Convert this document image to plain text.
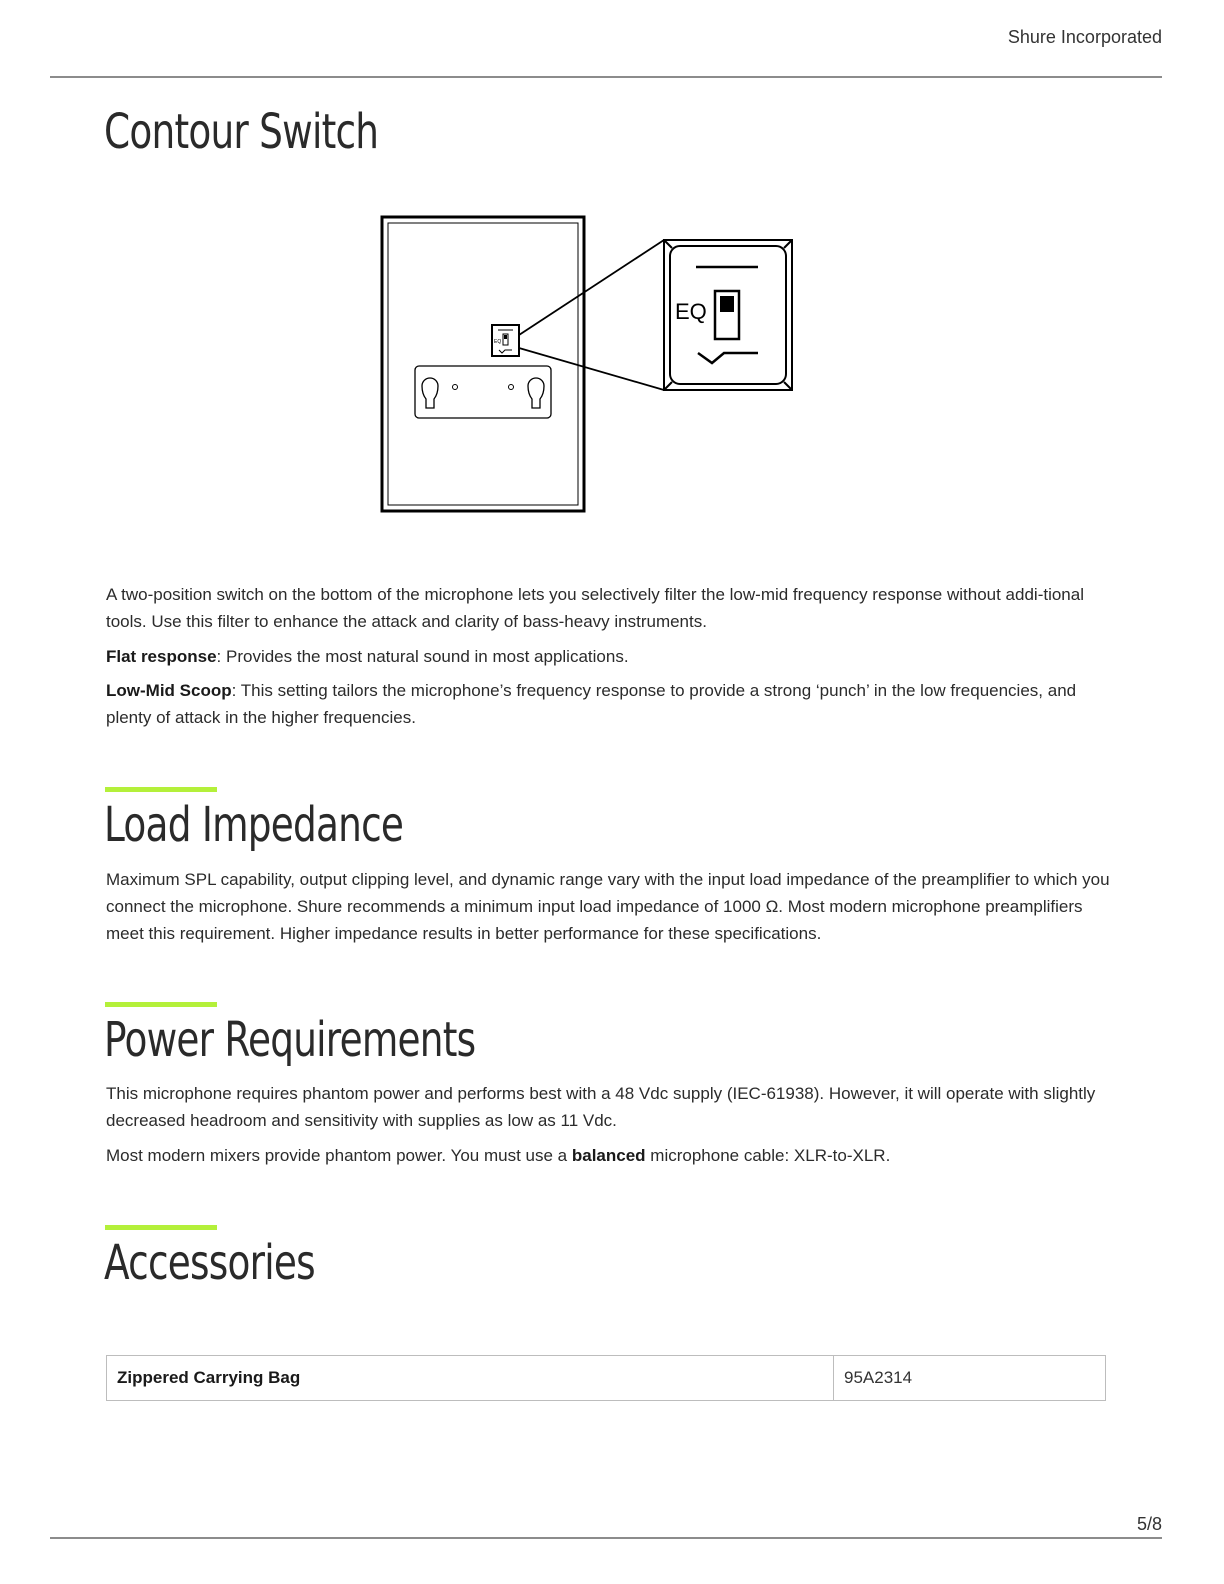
Shure Incorporated
Contour Switch
EQ
EQ

A two-position switch on the bottom of the microphone lets you selectively filter the low-mid frequency response without addi-tional tools. Use this filter to enhance the attack and clarity of bass-heavy instruments.

Flat response: Provides the most natural sound in most applications.

Low-Mid Scoop: This setting tailors the microphone’s frequency response to provide a strong ‘punch’ in the low frequencies, and plenty of attack in the higher frequencies.

Load Impedance

Maximum SPL capability, output clipping level, and dynamic range vary with the input load impedance of the preamplifier to which you connect the microphone. Shure recommends a minimum input load impedance of 1000 Ω. Most modern microphone preamplifiers meet this requirement. Higher impedance results in better performance for these specifications.

Power Requirements

This microphone requires phantom power and performs best with a 48 Vdc supply (IEC-61938). However, it will operate with slightly decreased headroom and sensitivity with supplies as low as 11 Vdc.

Most modern mixers provide phantom power. You must use a balanced microphone cable: XLR-to-XLR.

Accessories
Zippered Carrying Bag	95A2314
5/8
